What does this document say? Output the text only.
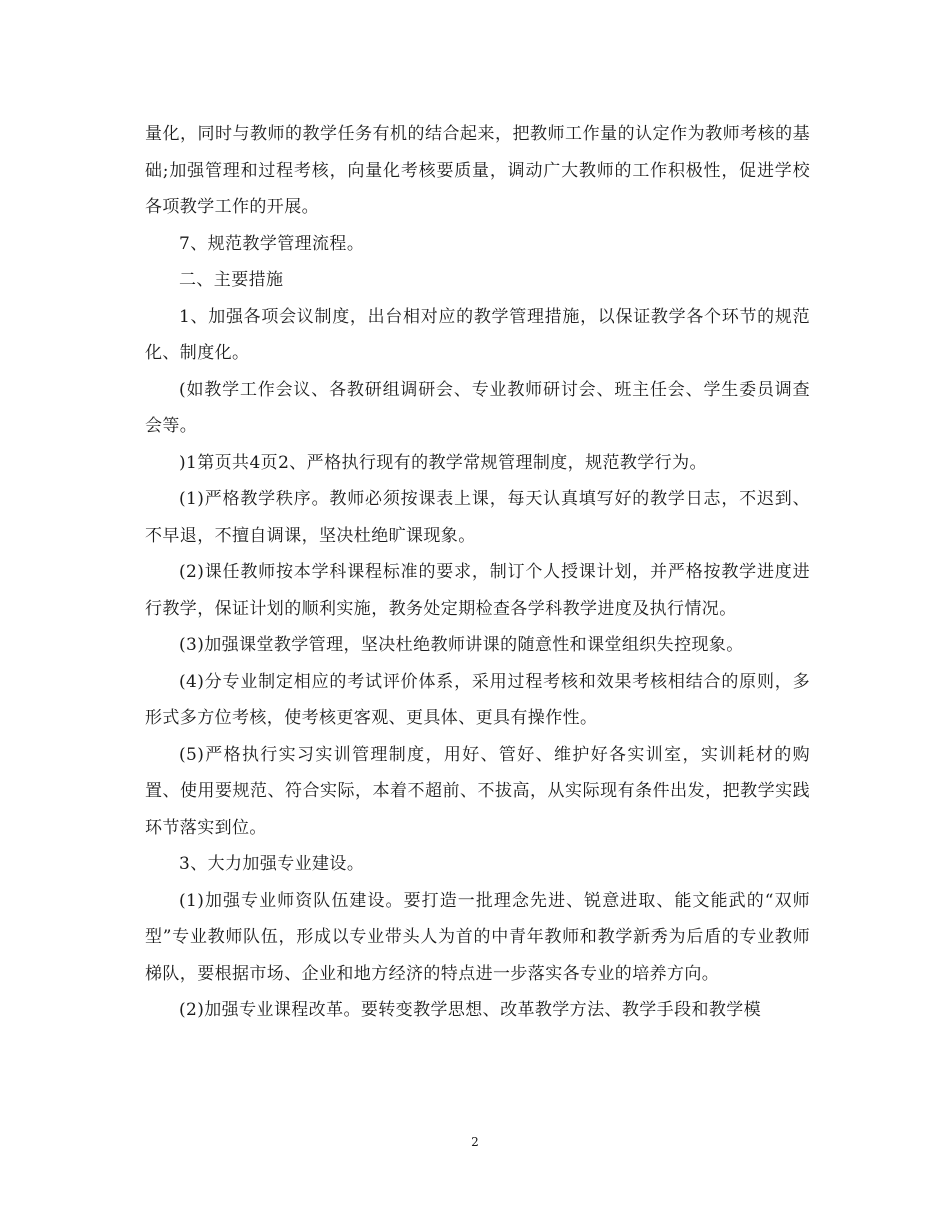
量化，同时与教师的教学任务有机的结合起来，把教师工作量的认定作为教师考核的基础;加强管理和过程考核，向量化考核要质量，调动广大教师的工作积极性，促进学校各项教学工作的开展。

7、规范教学管理流程。

二、主要措施

1、加强各项会议制度，出台相对应的教学管理措施，以保证教学各个环节的规范化、制度化。

(如教学工作会议、各教研组调研会、专业教师研讨会、班主任会、学生委员调查会等。

)1第页共4页2、严格执行现有的教学常规管理制度，规范教学行为。

(1)严格教学秩序。教师必须按课表上课，每天认真填写好的教学日志，不迟到、不早退，不擅自调课，坚决杜绝旷课现象。

(2)课任教师按本学科课程标准的要求，制订个人授课计划，并严格按教学进度进行教学，保证计划的顺利实施，教务处定期检查各学科教学进度及执行情况。

(3)加强课堂教学管理，坚决杜绝教师讲课的随意性和课堂组织失控现象。

(4)分专业制定相应的考试评价体系，采用过程考核和效果考核相结合的原则，多形式多方位考核，使考核更客观、更具体、更具有操作性。

(5)严格执行实习实训管理制度，用好、管好、维护好各实训室，实训耗材的购置、使用要规范、符合实际，本着不超前、不拔高，从实际现有条件出发，把教学实践环节落实到位。

3、大力加强专业建设。

(1)加强专业师资队伍建设。要打造一批理念先进、锐意进取、能文能武的“双师型”专业教师队伍，形成以专业带头人为首的中青年教师和教学新秀为后盾的专业教师梯队，要根据市场、企业和地方经济的特点进一步落实各专业的培养方向。

(2)加强专业课程改革。要转变教学思想、改革教学方法、教学手段和教学模

2
